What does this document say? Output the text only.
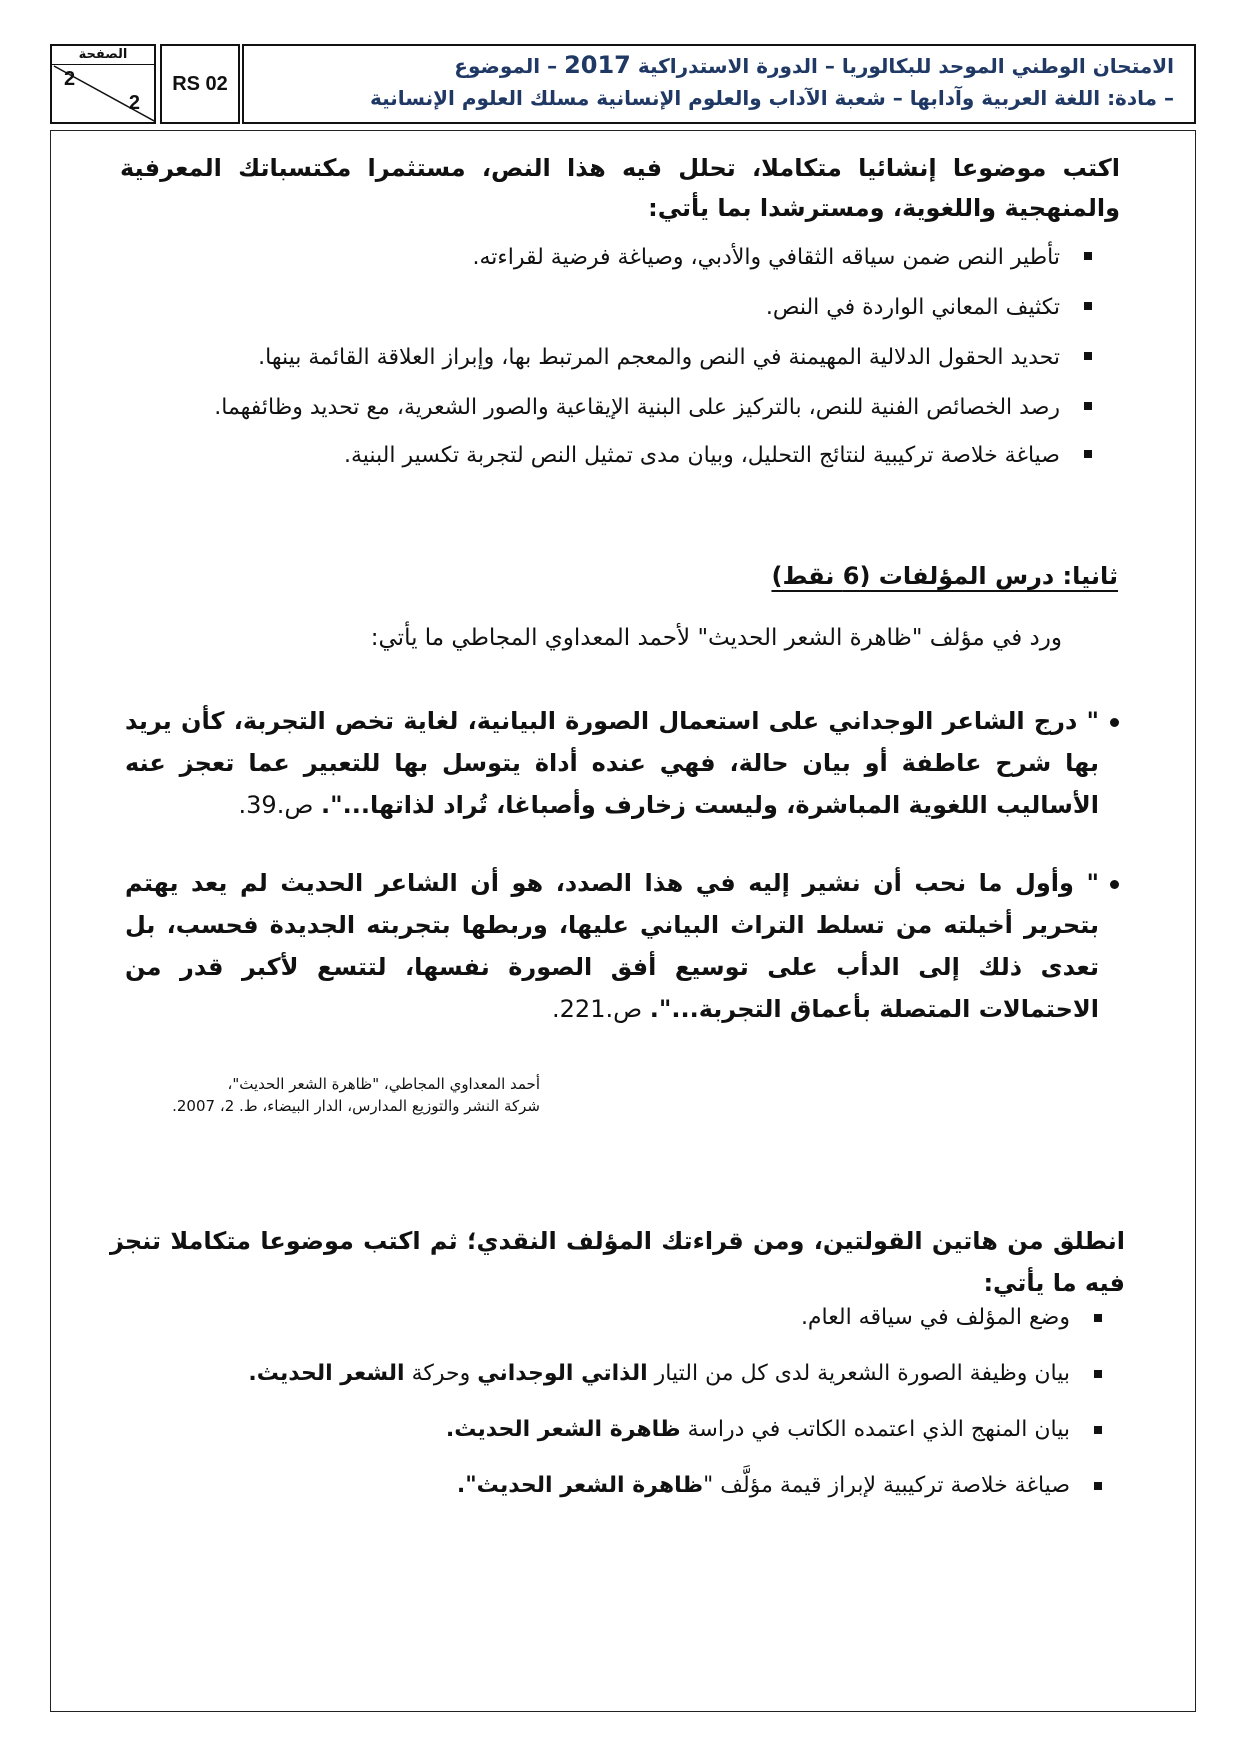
الامتحان الوطني الموحد للبكالوريا – الدورة الاستدراكية 2017 – الموضوع
– مادة: اللغة العربية وآدابها – شعبة الآداب والعلوم الإنسانية مسلك العلوم الإنسانية
RS 02
الصفحة
2
2
اكتب موضوعا إنشائيا متكاملا، تحلل فيه هذا النص، مستثمرا مكتسباتك المعرفية والمنهجية واللغوية، ومسترشدا بما يأتي:
تأطير النص ضمن سياقه الثقافي والأدبي، وصياغة فرضية لقراءته.
تكثيف المعاني الواردة في النص.
تحديد الحقول الدلالية المهيمنة في النص والمعجم المرتبط بها، وإبراز العلاقة القائمة بينها.
رصد الخصائص الفنية للنص، بالتركيز على البنية الإيقاعية والصور الشعرية، مع تحديد وظائفهما.
صياغة خلاصة تركيبية لنتائج التحليل، وبيان مدى تمثيل النص لتجربة تكسير البنية.
ثانيا: درس المؤلفات (6 نقط)
ورد في مؤلف "ظاهرة الشعر الحديث" لأحمد المعداوي المجاطي ما يأتي:
" درج الشاعر الوجداني على استعمال الصورة البيانية، لغاية تخص التجربة، كأن يريد بها شرح عاطفة أو بيان حالة، فهي عنده أداة يتوسل بها للتعبير عما تعجز عنه الأساليب اللغوية المباشرة، وليست زخارف وأصباغا، تُراد لذاتها...". ص.39.
" وأول ما نحب أن نشير إليه في هذا الصدد، هو أن الشاعر الحديث لم يعد يهتم بتحرير أخيلته من تسلط التراث البياني عليها، وربطها بتجربته الجديدة فحسب، بل تعدى ذلك إلى الدأب على توسيع أفق الصورة نفسها، لتتسع لأكبر قدر من الاحتمالات المتصلة بأعماق التجربة...". ص.221.
أحمد المعداوي المجاطي، "ظاهرة الشعر الحديث"،
شركة النشر والتوزيع المدارس، الدار البيضاء، ط. 2، 2007.
انطلق من هاتين القولتين، ومن قراءتك المؤلف النقدي؛ ثم اكتب موضوعا متكاملا تنجز فيه ما يأتي:
وضع المؤلف في سياقه العام.
بيان وظيفة الصورة الشعرية لدى كل من التيار الذاتي الوجداني وحركة الشعر الحديث.
بيان المنهج الذي اعتمده الكاتب في دراسة ظاهرة الشعر الحديث.
صياغة خلاصة تركيبية لإبراز قيمة مؤلَّف "ظاهرة الشعر الحديث".
